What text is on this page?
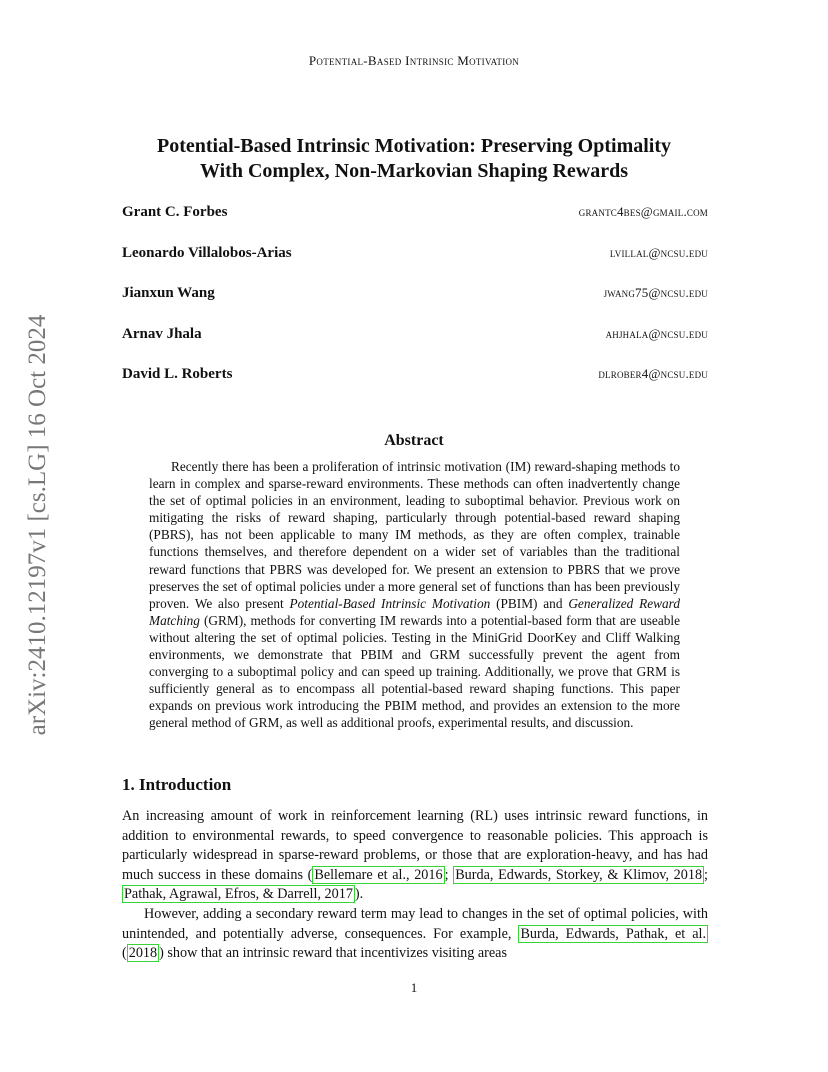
Potential-Based Intrinsic Motivation
arXiv:2410.12197v1 [cs.LG] 16 Oct 2024
Potential-Based Intrinsic Motivation: Preserving Optimality
With Complex, Non-Markovian Shaping Rewards
Grant C. Forbes	grantc4bes@gmail.com
Leonardo Villalobos-Arias	lvillal@ncsu.edu
Jianxun Wang	jwang75@ncsu.edu
Arnav Jhala	ahjhala@ncsu.edu
David L. Roberts	dlrober4@ncsu.edu
Abstract

Recently there has been a proliferation of intrinsic motivation (IM) reward-shaping methods to learn in complex and sparse-reward environments. These methods can often inadvertently change the set of optimal policies in an environment, leading to suboptimal behavior. Previous work on mitigating the risks of reward shaping, particularly through potential-based reward shaping (PBRS), has not been applicable to many IM methods, as they are often complex, trainable functions themselves, and therefore dependent on a wider set of variables than the traditional reward functions that PBRS was developed for. We present an extension to PBRS that we prove preserves the set of optimal policies under a more general set of functions than has been previously proven. We also present Potential-Based Intrinsic Motivation (PBIM) and Generalized Reward Matching (GRM), methods for converting IM rewards into a potential-based form that are useable without altering the set of optimal policies. Testing in the MiniGrid DoorKey and Cliff Walking environments, we demonstrate that PBIM and GRM successfully prevent the agent from converging to a suboptimal policy and can speed up training. Additionally, we prove that GRM is sufficiently general as to encompass all potential-based reward shaping functions. This paper expands on previous work introducing the PBIM method, and provides an extension to the more general method of GRM, as well as additional proofs, experimental results, and discussion.

1. Introduction

An increasing amount of work in reinforcement learning (RL) uses intrinsic reward functions, in addition to environmental rewards, to speed convergence to reasonable policies. This approach is particularly widespread in sparse-reward problems, or those that are exploration-heavy, and has had much success in these domains ( Bellemare et al., 2016 ; Burda, Edwards, Storkey, & Klimov, 2018 ; Pathak, Agrawal, Efros, & Darrell, 2017 ).

However, adding a secondary reward term may lead to changes in the set of optimal policies, with unintended, and potentially adverse, consequences. For example, Burda, Edwards, Pathak, et al. ( 2018 ) show that an intrinsic reward that incentivizes visiting areas

1
